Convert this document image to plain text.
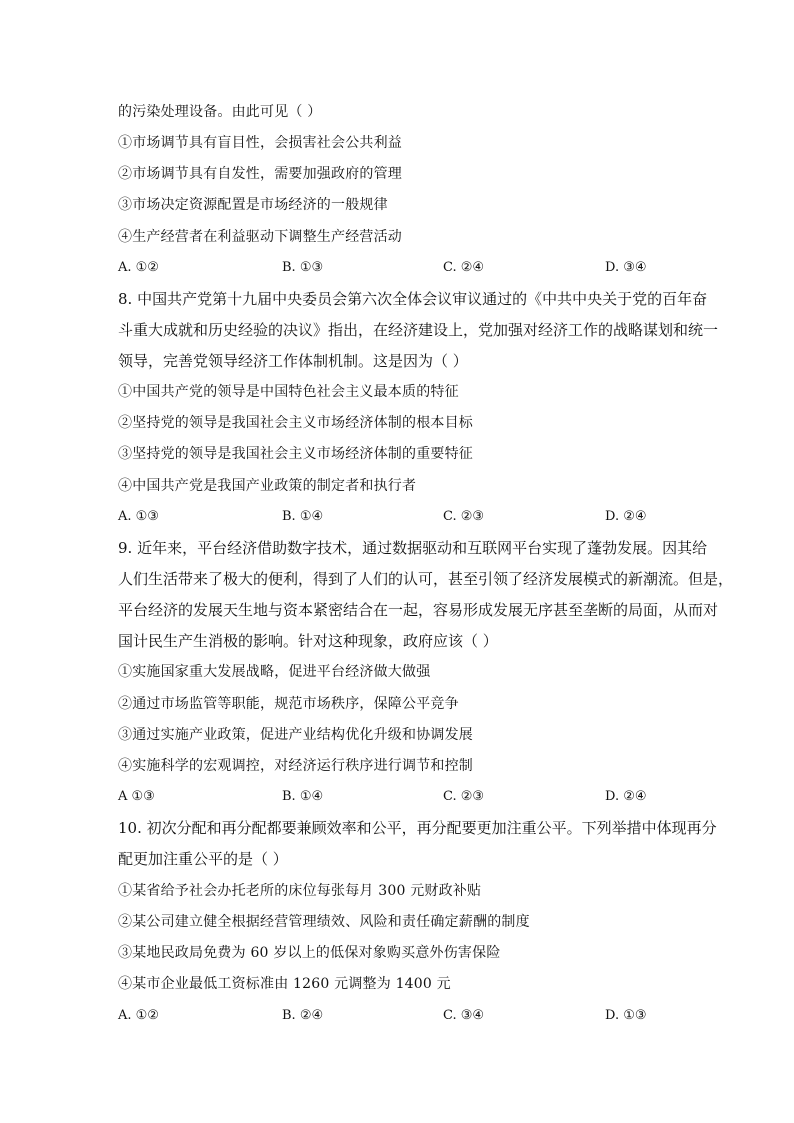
的污染处理设备。由此可见（ ）
①市场调节具有盲目性，会损害社会公共利益
②市场调节具有自发性，需要加强政府的管理
③市场决定资源配置是市场经济的一般规律
④生产经营者在利益驱动下调整生产经营活动
A. ①②	B. ①③	C. ②④	D. ③④
8. 中国共产党第十九届中央委员会第六次全体会议审议通过的《中共中央关于党的百年奋
斗重大成就和历史经验的决议》指出，在经济建设上，党加强对经济工作的战略谋划和统一
领导，完善党领导经济工作体制机制。这是因为（ ）
①中国共产党的领导是中国特色社会主义最本质的特征
②坚持党的领导是我国社会主义市场经济体制的根本目标
③坚持党的领导是我国社会主义市场经济体制的重要特征
④中国共产党是我国产业政策的制定者和执行者
A. ①③	B. ①④	C. ②③	D. ②④
9. 近年来，平台经济借助数字技术，通过数据驱动和互联网平台实现了蓬勃发展。因其给
人们生活带来了极大的便利，得到了人们的认可，甚至引领了经济发展模式的新潮流。但是，
平台经济的发展天生地与资本紧密结合在一起，容易形成发展无序甚至垄断的局面，从而对
国计民生产生消极的影响。针对这种现象，政府应该（ ）
①实施国家重大发展战略，促进平台经济做大做强
②通过市场监管等职能，规范市场秩序，保障公平竞争
③通过实施产业政策，促进产业结构优化升级和协调发展
④实施科学的宏观调控，对经济运行秩序进行调节和控制
A ①③	B. ①④	C. ②③	D. ②④
10. 初次分配和再分配都要兼顾效率和公平，再分配要更加注重公平。下列举措中体现再分
配更加注重公平的是（ ）
①某省给予社会办托老所的床位每张每月 300 元财政补贴
②某公司建立健全根据经营管理绩效、风险和责任确定薪酬的制度
③某地民政局免费为 60 岁以上的低保对象购买意外伤害保险
④某市企业最低工资标准由 1260 元调整为 1400 元
A. ①②	B. ②④	C. ③④	D. ①③
